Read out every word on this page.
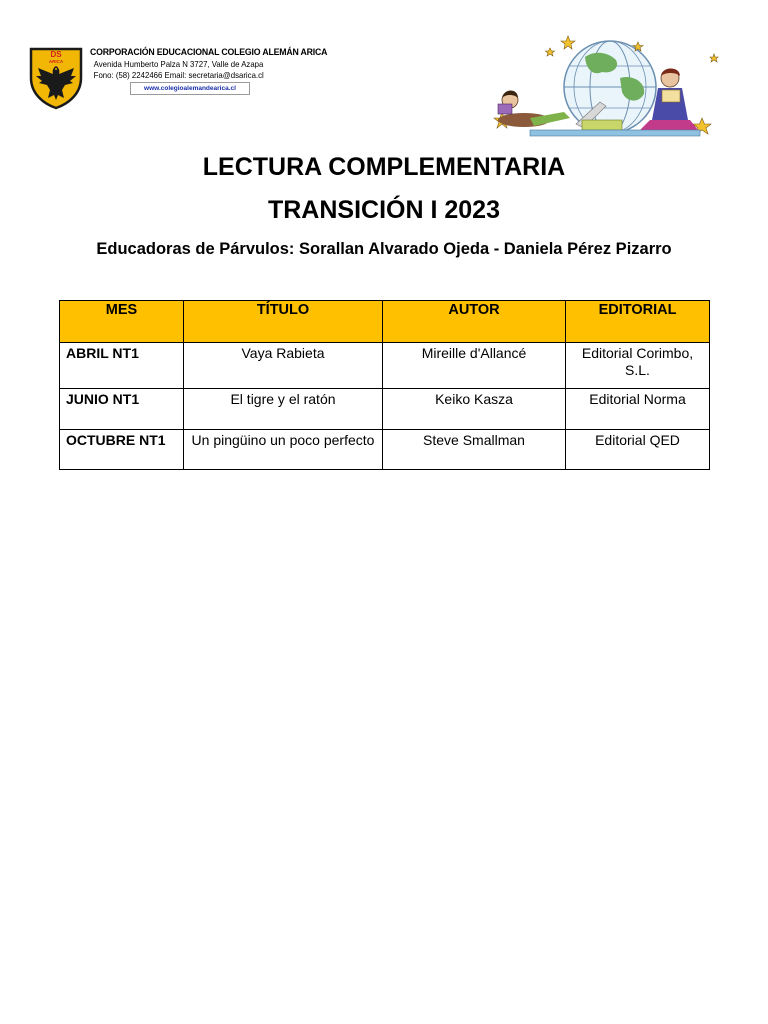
DS
ARICA
CORPORACIÓN EDUCACIONAL COLEGIO ALEMÁN ARICA
Avenida Humberto Palza N 3727, Valle de Azapa
Fono: (58) 2242466 Email: secretaria@dsarica.cl
www.colegioalemandearica.cl
LECTURA COMPLEMENTARIA
TRANSICIÓN I 2023
Educadoras de Párvulos: Sorallan Alvarado Ojeda - Daniela Pérez Pizarro
MES	TÍTULO	AUTOR	EDITORIAL
ABRIL NT1	Vaya Rabieta	Mireille d'Allancé	Editorial Corimbo, S.L.
JUNIO NT1	El tigre y el ratón	Keiko Kasza	Editorial Norma
OCTUBRE NT1	Un pingüino un poco perfecto	Steve Smallman	Editorial QED
